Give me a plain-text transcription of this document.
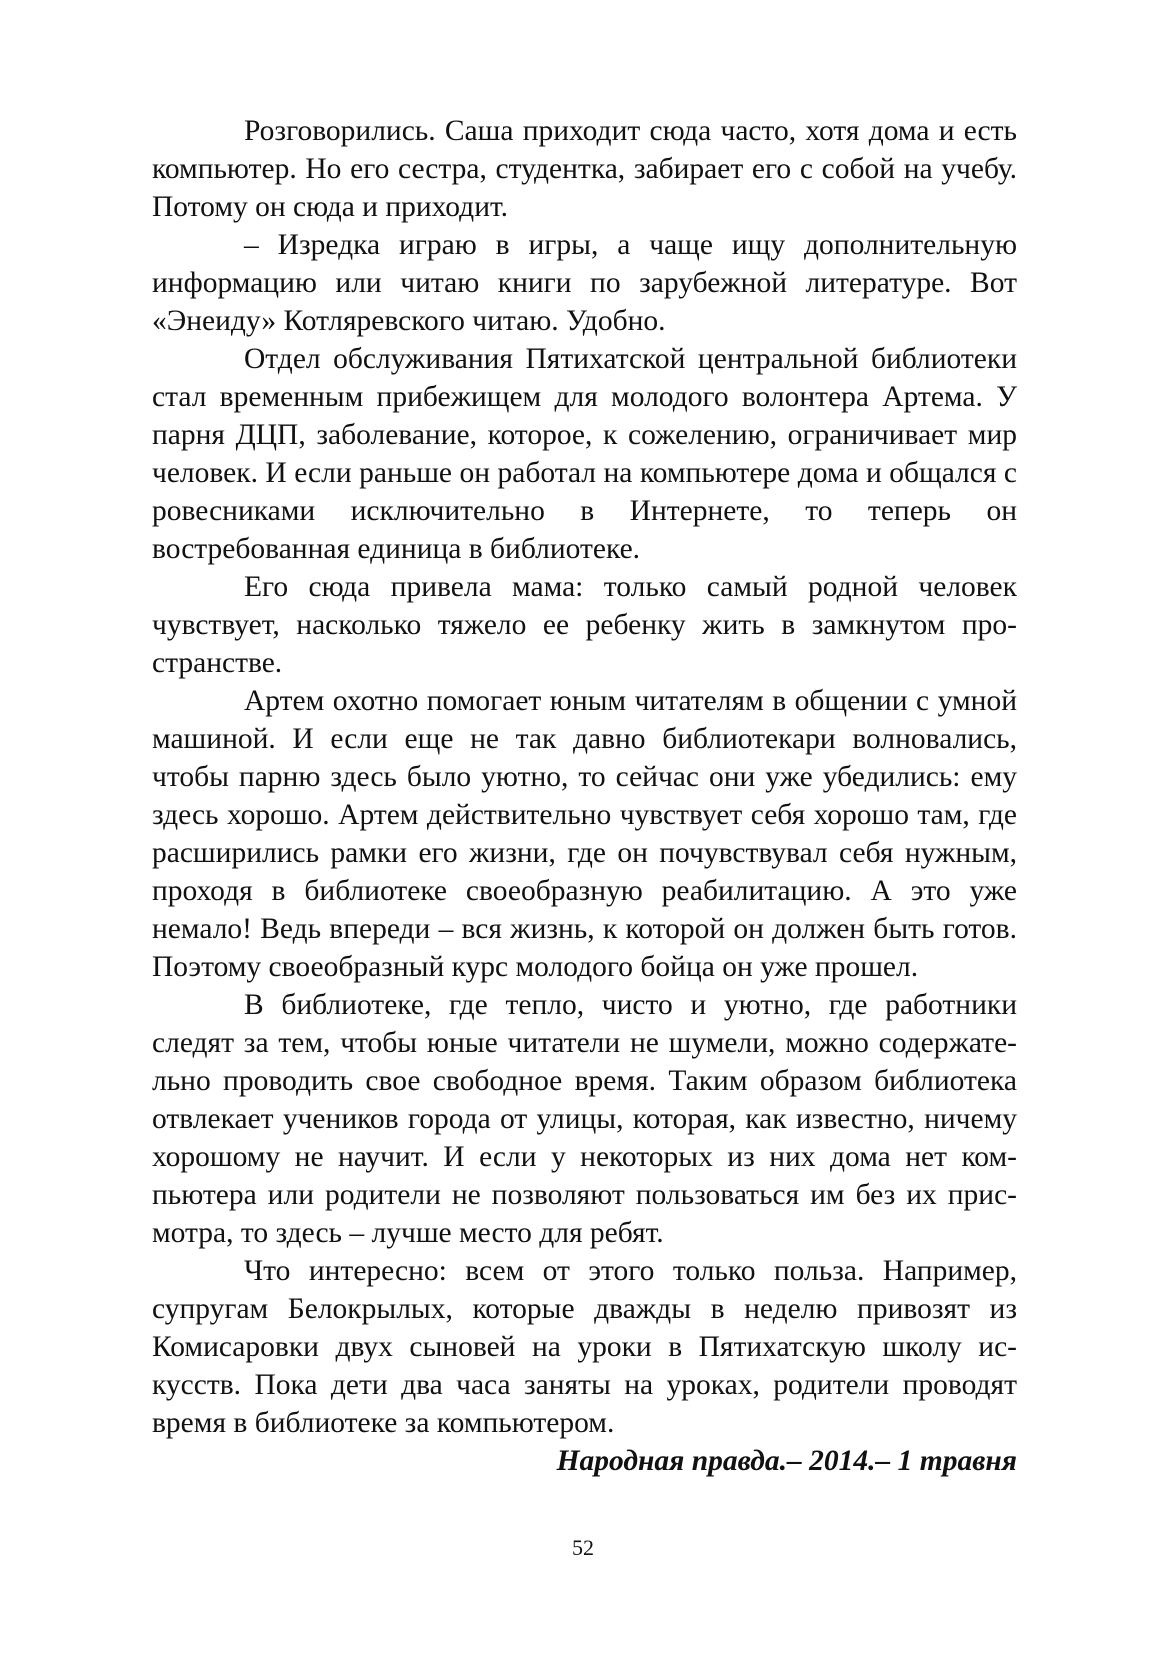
Розговорились. Саша приходит сюда часто, хотя дома и есть компьютер. Но его сестра, студентка, забирает его с собой на учебу. Потому он сюда и приходит.

– Изредка играю в игры, а чаще ищу дополнительную информацию или читаю книги по зарубежной литературе. Вот «Энеиду» Котляревского читаю. Удобно.

Отдел обслуживания Пятихатской центральной библиотеки стал временным прибежищем для молодого волонтера Артема. У парня ДЦП, заболевание, которое, к сожелению, ограничивает мир человек. И если раньше он работал на компьютере дома и общался с ровесниками исключительно в Интернете, то теперь он востребованная единица в библиотеке.

Его сюда привела мама: только самый родной человек чувствует, насколько тяжело ее ребенку жить в замкнутом пространстве.

Артем охотно помогает юным читателям в общении с умной машиной. И если еще не так давно библиотекари волновались, чтобы парню здесь было уютно, то сейчас они уже убедились: ему здесь хорошо. Артем действительно чувствует себя хорошо там, где расширились рамки его жизни, где он почувствувал себя нужным, проходя в библиотеке своеобразную реабилитацию. А это уже немало! Ведь впереди – вся жизнь, к которой он должен быть готов. Поэтому своеобразный курс молодого бойца он уже прошел.

В библиотеке, где тепло, чисто и уютно, где работники следят за тем, чтобы юные читатели не шумели, можно содержательно проводить свое свободное время. Таким образом библиотека отвлекает учеников города от улицы, которая, как известно, ничему хорошому не научит. И если у некоторых из них дома нет компьютера или родители не позволяют пользоваться им без их присмотра, то здесь – лучше место для ребят.

Что интересно: всем от этого только польза. Например, супругам Белокрылых, которые дважды в неделю привозят из Комисаровки двух сыновей на уроки в Пятихатскую школу искусств. Пока дети два часа заняты на уроках, родители проводят время в библиотеке за компьютером.

Народная правда.– 2014.– 1 травня

52
